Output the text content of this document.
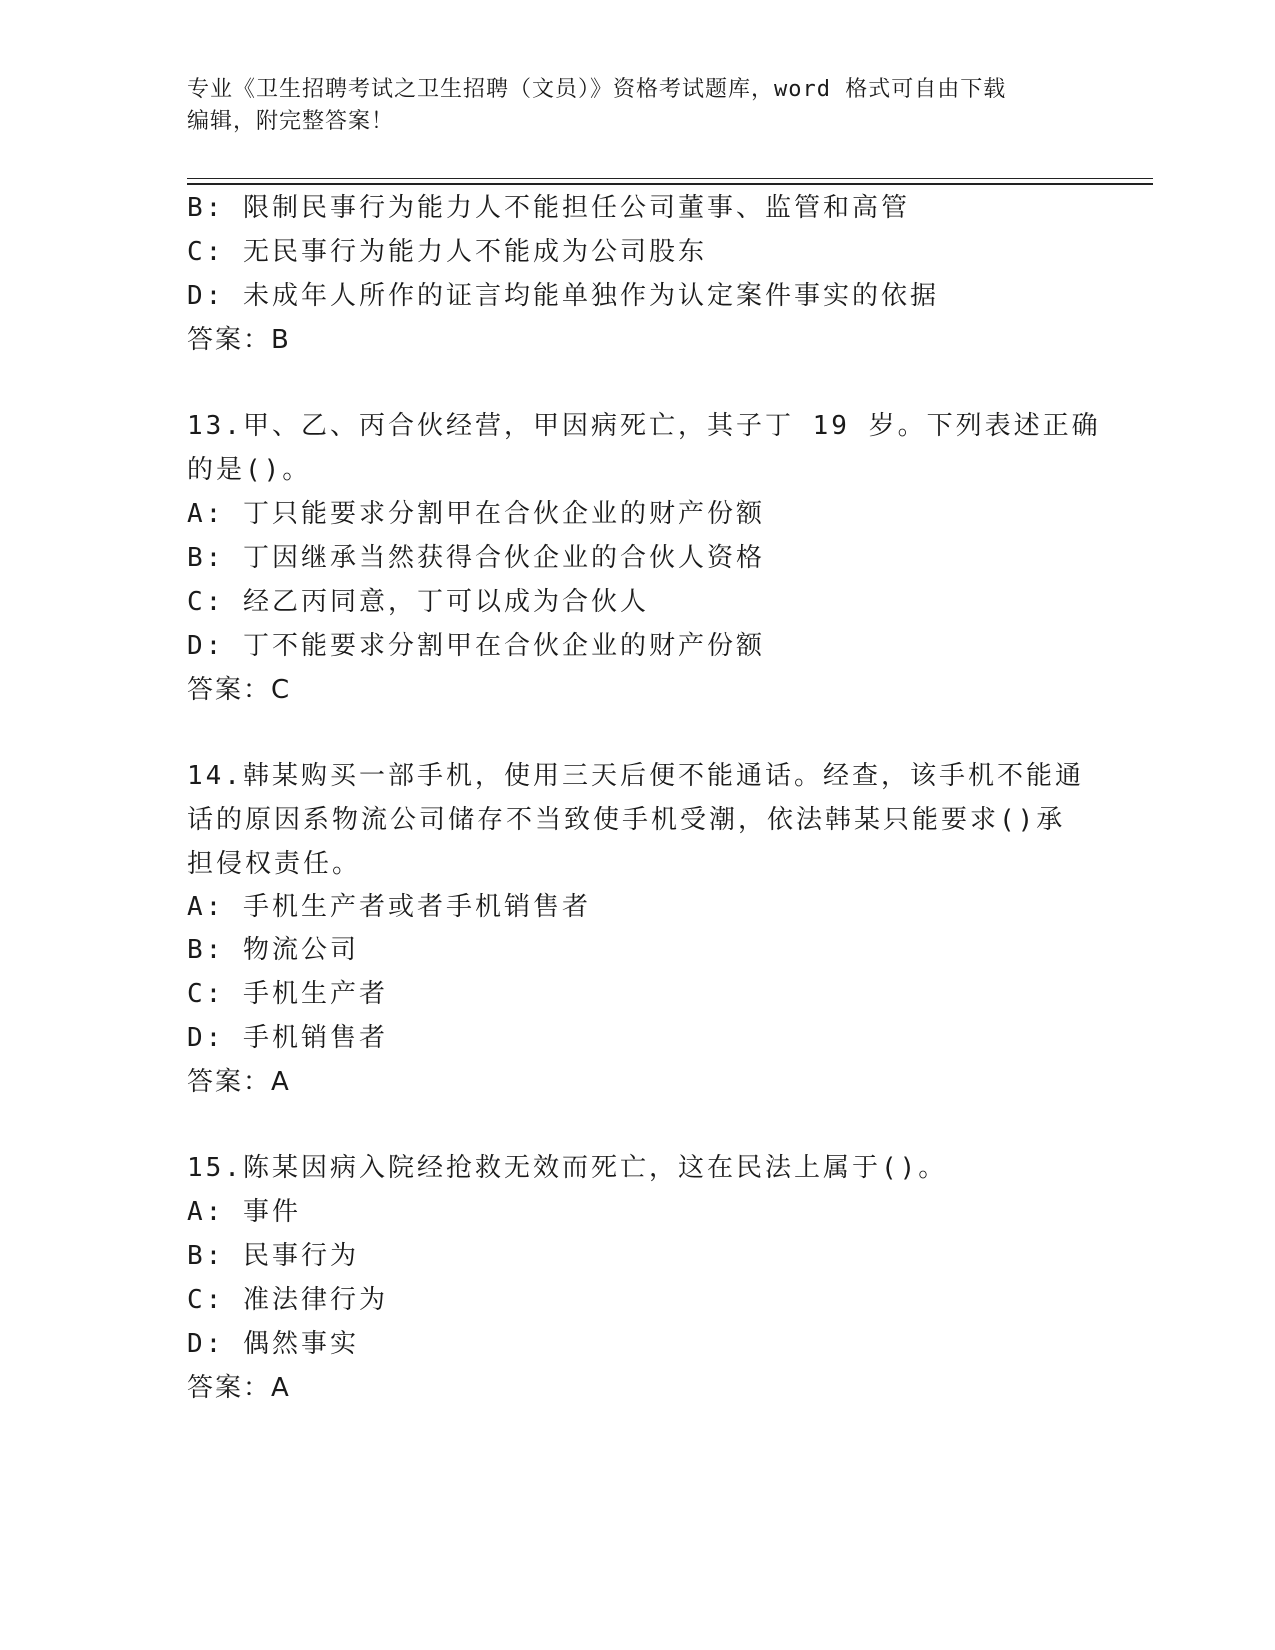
专业《卫生招聘考试之卫生招聘（文员）》资格考试题库，word 格式可自由下载
编辑，附完整答案！
B: 限制民事行为能力人不能担任公司董事、监管和高管
C: 无民事行为能力人不能成为公司股东
D: 未成年人所作的证言均能单独作为认定案件事实的依据
答案：B
13.甲、乙、丙合伙经营，甲因病死亡，其子丁 19 岁。下列表述正确
的是()。
A: 丁只能要求分割甲在合伙企业的财产份额
B: 丁因继承当然获得合伙企业的合伙人资格
C: 经乙丙同意，丁可以成为合伙人
D: 丁不能要求分割甲在合伙企业的财产份额
答案：C
14.韩某购买一部手机，使用三天后便不能通话。经查，该手机不能通
话的原因系物流公司储存不当致使手机受潮，依法韩某只能要求()承
担侵权责任。
A: 手机生产者或者手机销售者
B: 物流公司
C: 手机生产者
D: 手机销售者
答案：A
15.陈某因病入院经抢救无效而死亡，这在民法上属于()。
A: 事件
B: 民事行为
C: 准法律行为
D: 偶然事实
答案：A
